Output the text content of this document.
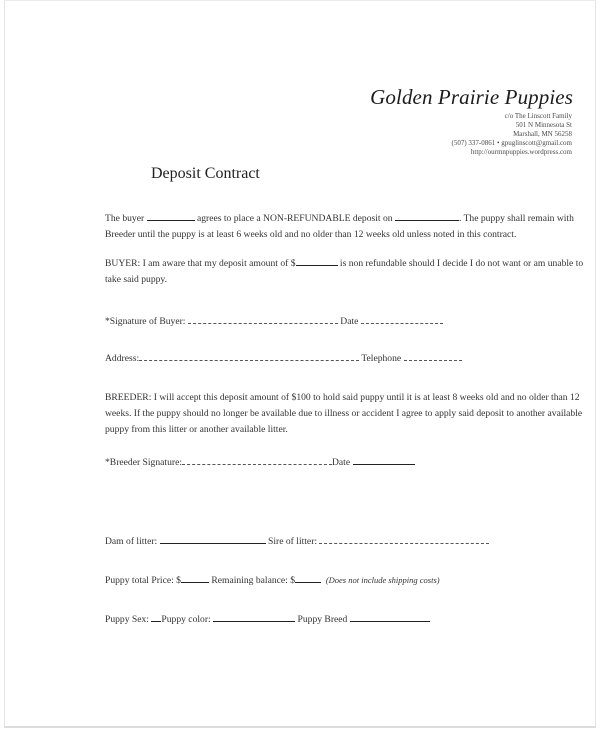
Golden Prairie Puppies
c/o The Linscott Family
501 N Minnesota St
Marshall, MN 56258
(507) 337-0861 • gpuglinscott@gmail.com
http://ourmnpuppies.wordpress.com
Deposit Contract
The buyer	agrees to place a NON-REFUNDABLE deposit on	. The puppy shall remain with Breeder until the puppy is at least 6 weeks old and no older than 12 weeks old unless noted in this contract.
BUYER: I am aware that my deposit amount of $	is non refundable should I decide I do not want or am unable to take said puppy.
*Signature of Buyer:	Date
Address:	Telephone
BREEDER: I will accept this deposit amount of $100 to hold said puppy until it is at least 8 weeks old and no older than 12 weeks. If the puppy should no longer be available due to illness or accident I agree to apply said deposit to another available puppy from this litter or another available litter.
*Breeder Signature:	Date
Dam of litter:	Sire of litter:
Puppy total Price: $	Remaining balance: $	(Does not include shipping costs)
Puppy Sex: Puppy color:	Puppy Breed
